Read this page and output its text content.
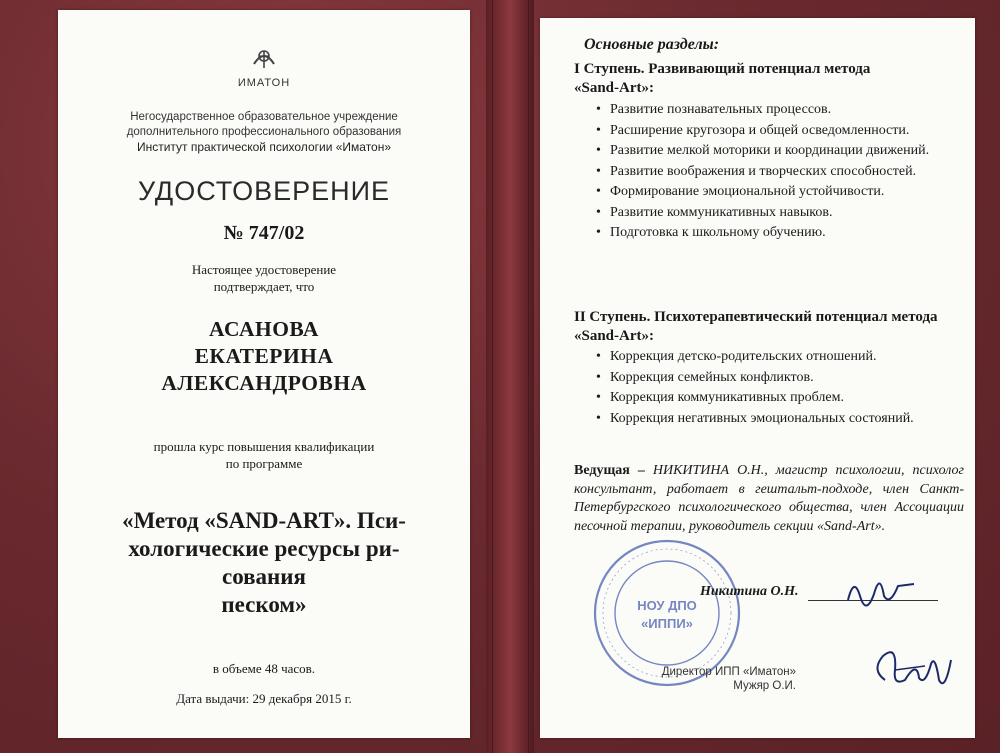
ИМАТОН
Негосударственное образовательное учреждение
дополнительного профессионального образования
Институт практической психологии «Иматон»
УДОСТОВЕРЕНИЕ
№ 747/02
Настоящее удостоверение
подтверждает, что
АСАНОВА
ЕКАТЕРИНА
АЛЕКСАНДРОВНА
прошла курс повышения квалификации
по программе
«Метод «SAND-ART». Пси-
хологические ресурсы ри-
сования
песком»
в объеме 48 часов.
Дата выдачи: 29 декабря 2015 г.
Основные разделы:
I Ступень. Развивающий потенциал метода
«Sand-Art»:
• Развитие познавательных процессов.
• Расширение кругозора и общей осведомленности.
• Развитие мелкой моторики и координации движений.
• Развитие воображения и творческих способностей.
• Формирование эмоциональной устойчивости.
• Развитие коммуникативных навыков.
• Подготовка к школьному обучению.
II Ступень. Психотерапевтический потенциал метода «Sand-Art»:
• Коррекция детско-родительских отношений.
• Коррекция семейных конфликтов.
• Коррекция коммуникативных проблем.
• Коррекция негативных эмоциональных состояний.
Ведущая – НИКИТИНА О.Н., магистр психологии, психолог консультант, работает в гештальт-подходе, член Санкт-Петербургского психологического общества, член Ассоциации песочной терапии, руководитель секции «Sand-Art».
НОУ ДПО
«ИППИ»
Никитина О.Н.
Директор ИПП «Иматон»
Мужяр О.И.
